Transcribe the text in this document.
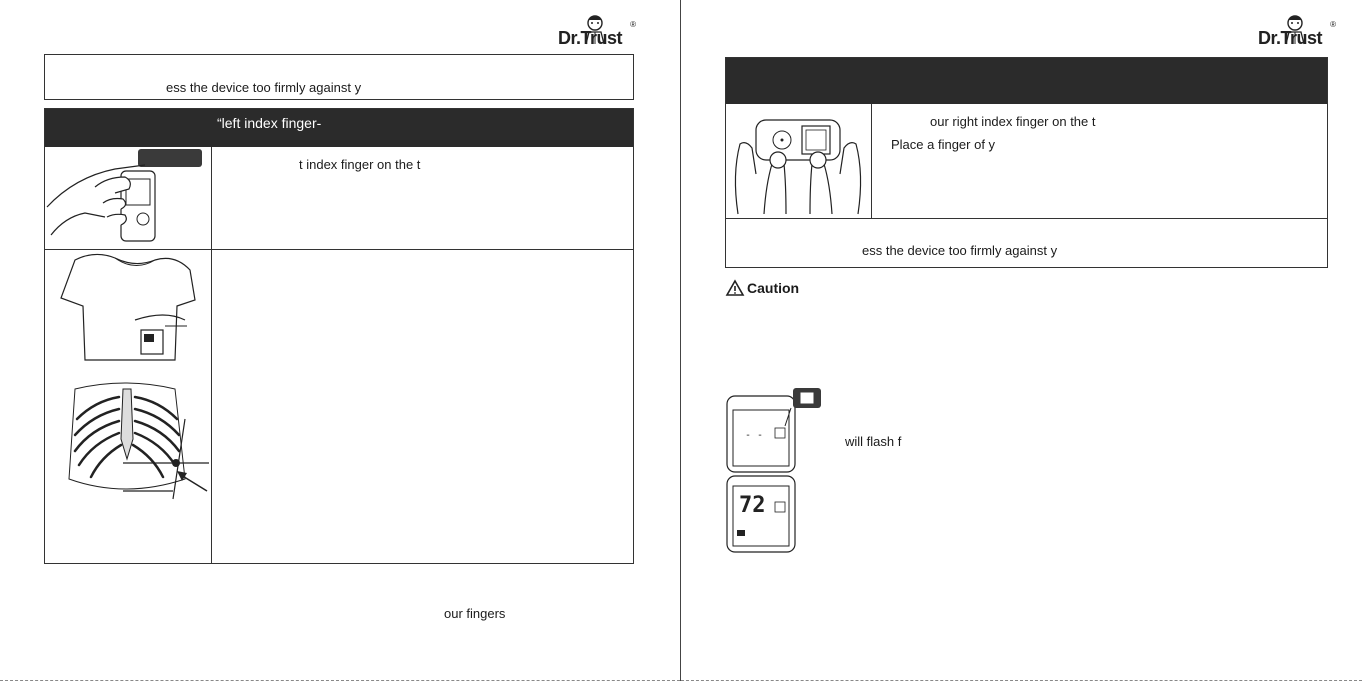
Dr.Trust
®
ess the device too firmly against y
“left index finger-
t index finger on the t
our fingers
Dr.Trust
®
our right index finger on the t
Place a finger of y
ess the device too firmly against y
Caution
- -	will flash f
72
